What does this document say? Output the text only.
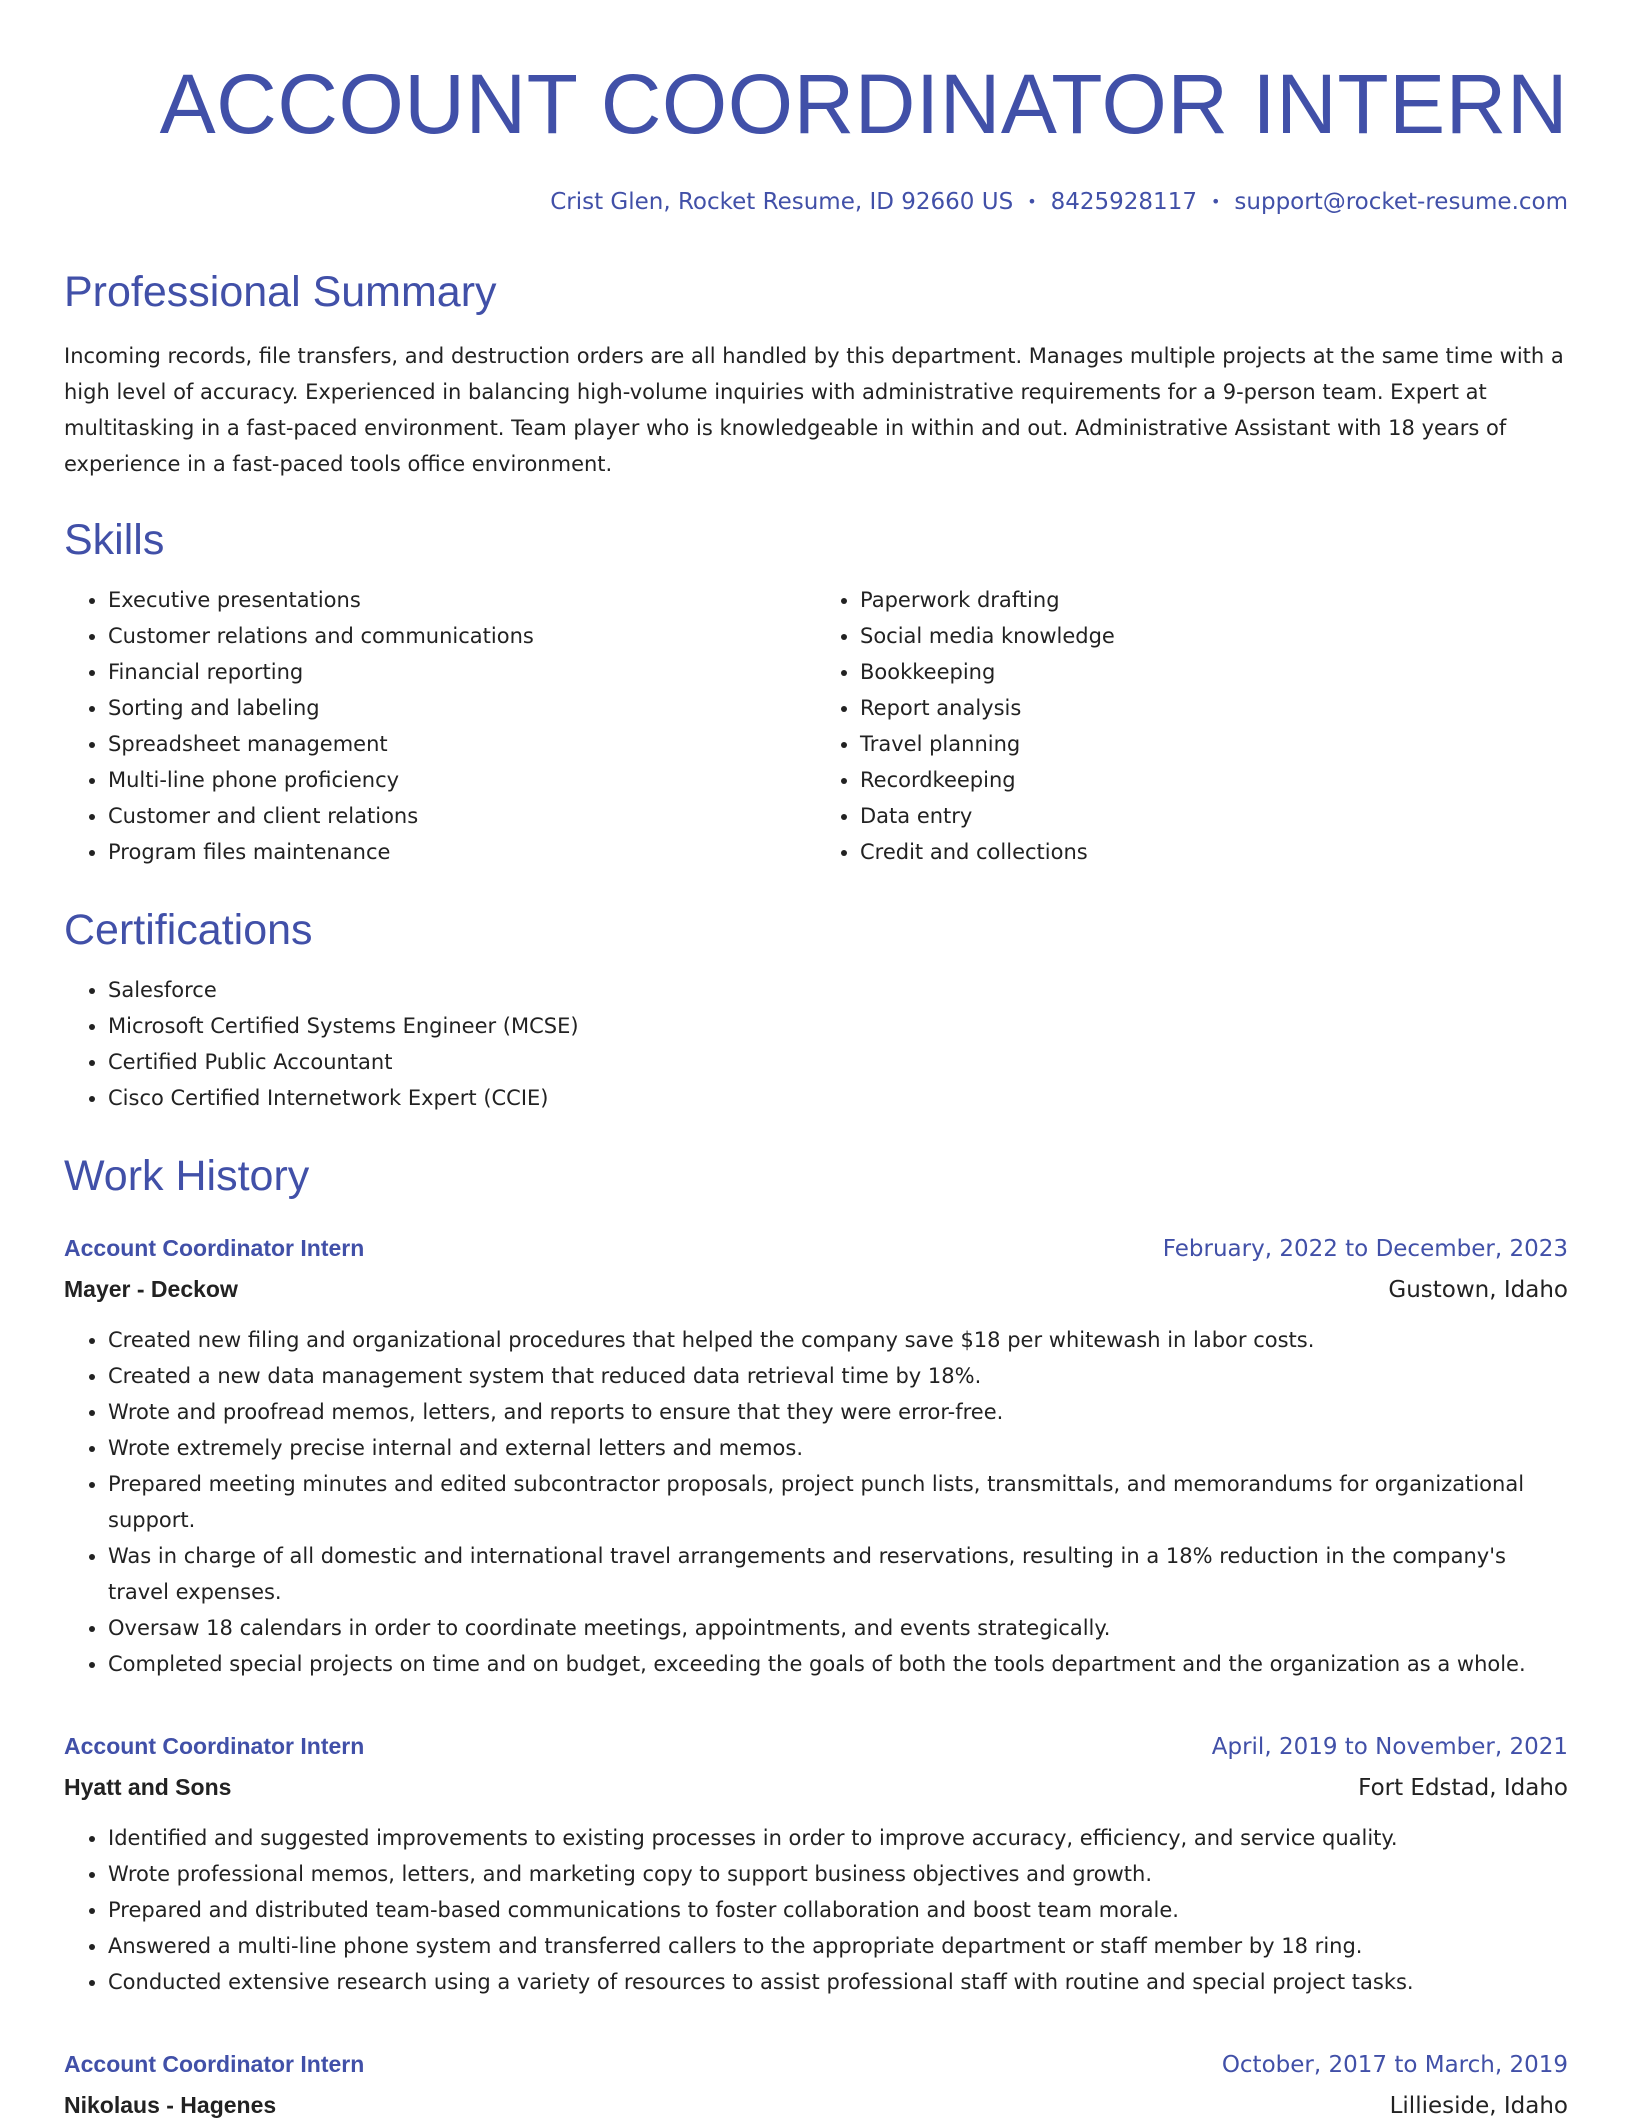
ACCOUNT COORDINATOR INTERN
Crist Glen, Rocket Resume, ID 92660 US • 8425928117 • support@rocket-resume.com
Professional Summary

Incoming records, file transfers, and destruction orders are all handled by this department. Manages multiple projects at the same time with a high level of accuracy. Experienced in balancing high-volume inquiries with administrative requirements for a 9-person team. Expert at multitasking in a fast-paced environment. Team player who is knowledgeable in within and out. Administrative Assistant with 18 years of experience in a fast-paced tools office environment.

Skills
• Executive presentations
• Customer relations and communications
• Financial reporting
• Sorting and labeling
• Spreadsheet management
• Multi-line phone proficiency
• Customer and client relations
• Program files maintenance
• Paperwork drafting
• Social media knowledge
• Bookkeeping
• Report analysis
• Travel planning
• Recordkeeping
• Data entry
• Credit and collections
Certifications
• Salesforce
• Microsoft Certified Systems Engineer (MCSE)
• Certified Public Accountant
• Cisco Certified Internetwork Expert (CCIE)
Work History
Account Coordinator Intern	February, 2022 to December, 2023
Mayer - Deckow	Gustown, Idaho
• Created new filing and organizational procedures that helped the company save $18 per whitewash in labor costs.
• Created a new data management system that reduced data retrieval time by 18%.
• Wrote and proofread memos, letters, and reports to ensure that they were error-free.
• Wrote extremely precise internal and external letters and memos.
• Prepared meeting minutes and edited subcontractor proposals, project punch lists, transmittals, and memorandums for organizational support.
• Was in charge of all domestic and international travel arrangements and reservations, resulting in a 18% reduction in the company's travel expenses.
• Oversaw 18 calendars in order to coordinate meetings, appointments, and events strategically.
• Completed special projects on time and on budget, exceeding the goals of both the tools department and the organization as a whole.
Account Coordinator Intern	April, 2019 to November, 2021
Hyatt and Sons	Fort Edstad, Idaho
• Identified and suggested improvements to existing processes in order to improve accuracy, efficiency, and service quality.
• Wrote professional memos, letters, and marketing copy to support business objectives and growth.
• Prepared and distributed team-based communications to foster collaboration and boost team morale.
• Answered a multi-line phone system and transferred callers to the appropriate department or staff member by 18 ring.
• Conducted extensive research using a variety of resources to assist professional staff with routine and special project tasks.
Account Coordinator Intern	October, 2017 to March, 2019
Nikolaus - Hagenes	Lillieside, Idaho
